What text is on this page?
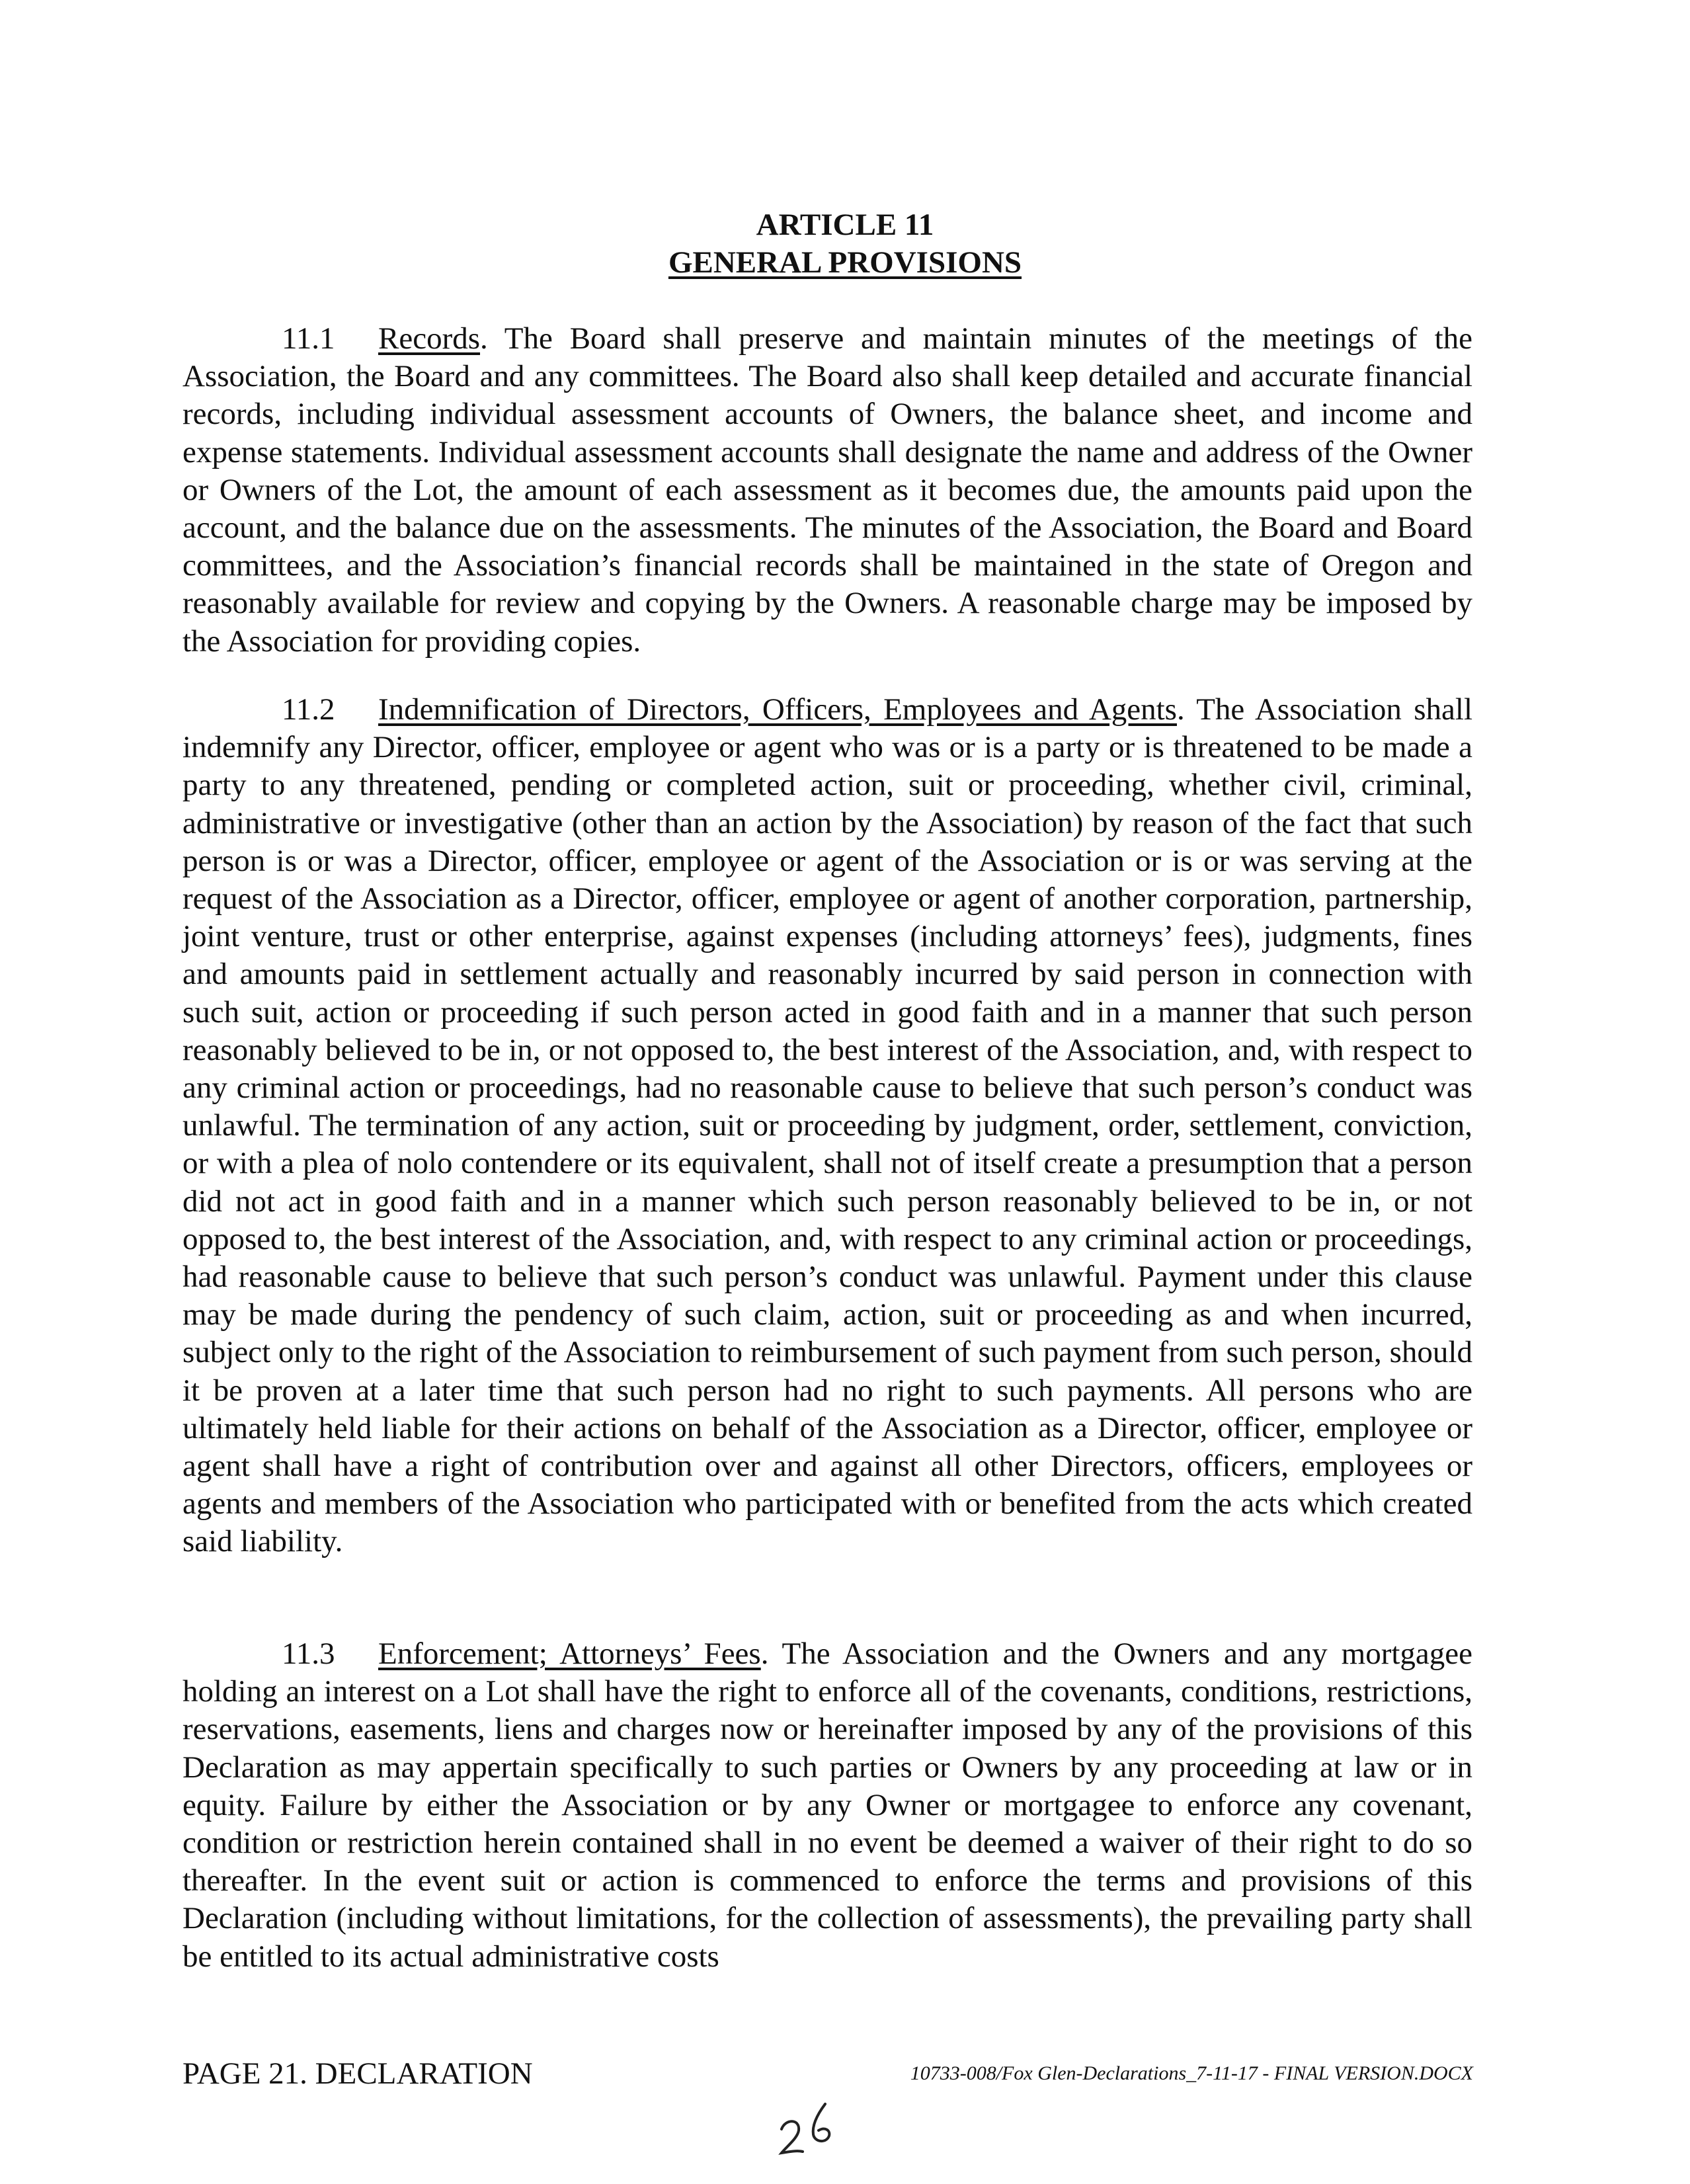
ARTICLE 11
GENERAL PROVISIONS

11.1 Records. The Board shall preserve and maintain minutes of the meetings of the Association, the Board and any committees. The Board also shall keep detailed and accurate financial records, including individual assessment accounts of Owners, the balance sheet, and income and expense statements. Individual assessment accounts shall designate the name and address of the Owner or Owners of the Lot, the amount of each assessment as it becomes due, the amounts paid upon the account, and the balance due on the assessments. The minutes of the Association, the Board and Board committees, and the Association’s financial records shall be maintained in the state of Oregon and reasonably available for review and copying by the Owners. A reasonable charge may be imposed by the Association for providing copies.

11.2 Indemnification of Directors, Officers, Employees and Agents. The Association shall indemnify any Director, officer, employee or agent who was or is a party or is threatened to be made a party to any threatened, pending or completed action, suit or proceeding, whether civil, criminal, administrative or investigative (other than an action by the Association) by reason of the fact that such person is or was a Director, officer, employee or agent of the Association or is or was serving at the request of the Association as a Director, officer, employee or agent of another corporation, partnership, joint venture, trust or other enterprise, against expenses (including attorneys’ fees), judgments, fines and amounts paid in settlement actually and reasonably incurred by said person in connection with such suit, action or proceeding if such person acted in good faith and in a manner that such person reasonably believed to be in, or not opposed to, the best interest of the Association, and, with respect to any criminal action or proceedings, had no reasonable cause to believe that such person’s conduct was unlawful. The termination of any action, suit or proceeding by judgment, order, settlement, conviction, or with a plea of nolo contendere or its equivalent, shall not of itself create a presumption that a person did not act in good faith and in a manner which such person reasonably believed to be in, or not opposed to, the best interest of the Association, and, with respect to any criminal action or proceedings, had reasonable cause to believe that such person’s conduct was unlawful. Payment under this clause may be made during the pendency of such claim, action, suit or proceeding as and when incurred, subject only to the right of the Association to reimbursement of such payment from such person, should it be proven at a later time that such person had no right to such payments. All persons who are ultimately held liable for their actions on behalf of the Association as a Director, officer, employee or agent shall have a right of contribution over and against all other Directors, officers, employees or agents and members of the Association who participated with or benefited from the acts which created said liability.

11.3 Enforcement; Attorneys’ Fees. The Association and the Owners and any mortgagee holding an interest on a Lot shall have the right to enforce all of the covenants, conditions, restrictions, reservations, easements, liens and charges now or hereinafter imposed by any of the provisions of this Declaration as may appertain specifically to such parties or Owners by any proceeding at law or in equity. Failure by either the Association or by any Owner or mortgagee to enforce any covenant, condition or restriction herein contained shall in no event be deemed a waiver of their right to do so thereafter. In the event suit or action is commenced to enforce the terms and provisions of this Declaration (including without limitations, for the collection of assessments), the prevailing party shall be entitled to its actual administrative costs

PAGE 21. DECLARATION	10733-008/Fox Glen-Declarations_7-11-17 - FINAL VERSION.DOCX
